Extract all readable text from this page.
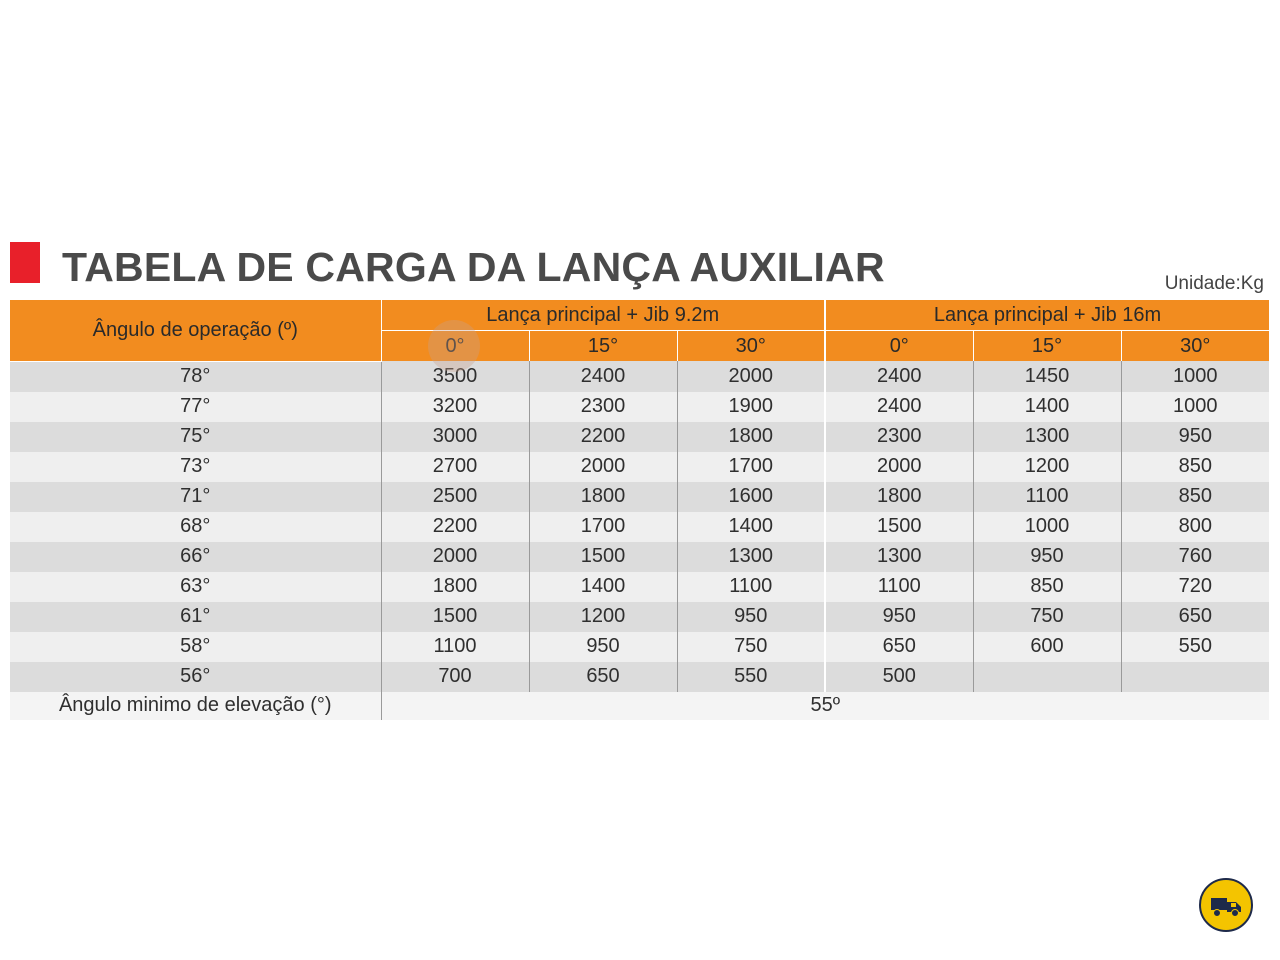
TABELA DE CARGA DA LANÇA AUXILIAR	Unidade:Kg
Ângulo de operação (º)	Lança principal + Jib 9.2m			Lança principal + Jib 16m		
	0°	15°	30°	0°	15°	30°
78°	3500	2400	2000	2400	1450	1000
77°	3200	2300	1900	2400	1400	1000
75°	3000	2200	1800	2300	1300	950
73°	2700	2000	1700	2000	1200	850
71°	2500	1800	1600	1800	1100	850
68°	2200	1700	1400	1500	1000	800
66°	2000	1500	1300	1300	950	760
63°	1800	1400	1100	1100	850	720
61°	1500	1200	950	950	750	650
58°	1100	950	750	650	600	550
56°	700	650	550	500		
Ângulo minimo de elevação (°)	55º					
